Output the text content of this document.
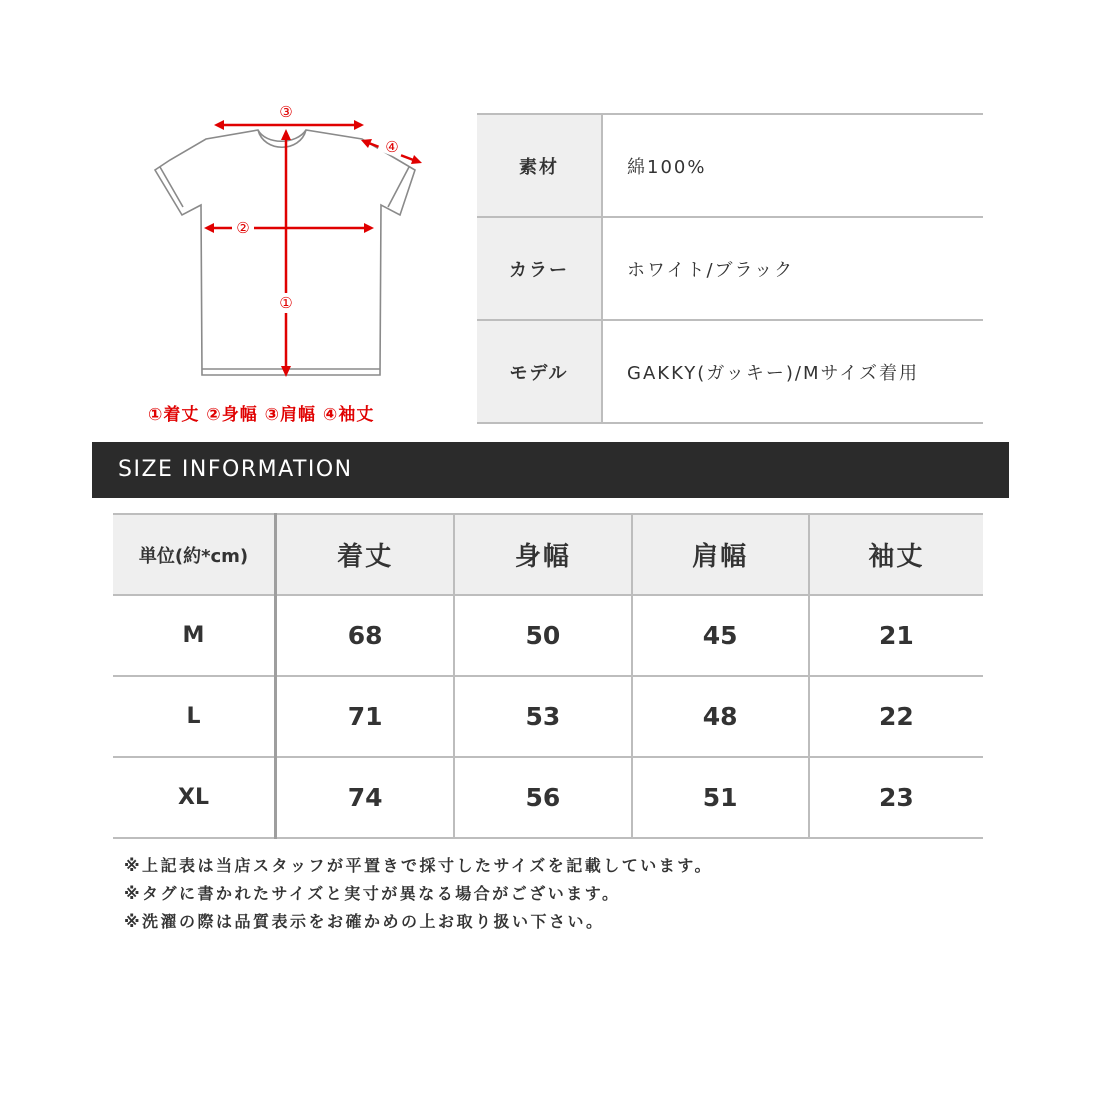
③
④
②
①
①着丈 ②身幅 ③肩幅 ④袖丈
素材	綿100%
カラー	ホワイト/ブラック
モデル	GAKKY(ガッキー)/Mサイズ着用
SIZE INFORMATION
単位(約*cm)	着丈	身幅	肩幅	袖丈
M	68	50	45	21
L	71	53	48	22
XL	74	56	51	23
※上記表は当店スタッフが平置きで採寸したサイズを記載しています。
※タグに書かれたサイズと実寸が異なる場合がございます。
※洗濯の際は品質表示をお確かめの上お取り扱い下さい。
